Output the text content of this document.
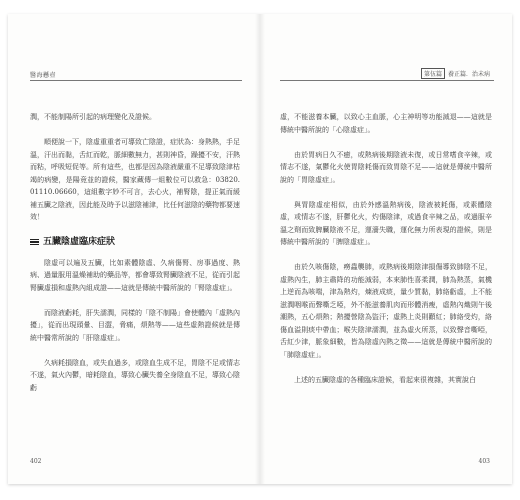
醫海懸壺

潤，不能制陽所引起的病理變化及證候。

順便說一下，陰虛重重者可導致亡陰證，症狀為：身熱熱，手足溫，汗出而黏，舌紅而乾，脈細數無力，甚則神昏，躁擾不安，汗熱而粘，呼吸短促等。所有這些，也都是因為陰液嚴重不足導致陰津枯竭的病變，是陽竟並的證候，醫家藏傳一組數位可以救急：03820.01110.06660，這組數字妙不可言，去心火，補腎陰，提正氣而緩補五臟之陰液，因此能及時予以滋陰補津，比任何滋陰的藥物都要速效！

五臟陰虛臨床症狀

陰虛可以遍及五臟，比如素體陰虛、久病傷腎、房事過度、熱病、過量服用溫燥補助的藥品等，都會導致腎臟陰液不足，從而引起腎臟虛損和虛熱內組成證——這就是傳統中醫所說的「腎陰虛症」。

而陰液虧耗，肝失濡潤，同樣的「陰不制陽」會使體內「虛熱內擾」，從而出現頭暈、目澀，脅痛，煩熱等——這些虛熱證候就是傳統中醫常所說的「肝陰虛症」。

久病耗損陰血，或失血過多，或陰血生成不足，胃陰不足或情志不遂，氣火內鬱，暗耗陰血，導致心臟失養全身陰血不足，導致心陰虧

402
第伍篇 養正篇．治未病

虛，不能滋養本臟，以致心主血脈，心主神明等功能減退——這就是傳統中醫所說的「心陰虛症」。

由於胃病日久不癒，或熱病後期陰液未復，或日常嗜食辛辣，或情志不遂，氣鬱化火使胃陰耗傷而致胃陰不足——這就是傳統中醫所說的「胃陰虛症」。

與胃陰虛症相似，由於外感溫熱病後，陰液被耗傷，或素體陰虛，或情志不遂，肝鬱化火，灼傷陰津，或過食辛辣之品，或過服辛溫之劑而致脾臟陰液不足，運濇失職，運化無力所表現的證候，則是傳統中醫所說的「脾陰虛症」。

由於久咳傷陰，癆蟲襲肺，或熱病後期陰津損傷導致肺陰不足，虛熱內生，肺主肅降的功能減弱，本來肺性喜柔潤，肺為熱蒸，氣機上逆而為咳喘，津為熱灼，煉液成痰，量少質黏，肺絡虧虛，上不能滋潤咽喉而聲嘶乏啞，外不能滋養肌肉而形體消瘦，虛熱內熾則午後潮熱，五心煩熱；熱擾營陰為盜汗；虛熱上炎則顴紅；肺絡受灼，絡傷血溢則痰中帶血；喉失陰津濡潤，並為虛火所蒸，以致聲音嘶啞，舌紅少津，脈象細數，皆為陰虛內熱之徵——這就是傳統中醫所說的「肺陰虛症」。

上述的五臟陰虛的各種臨床證候，看起來很複雜，其實說白

403
